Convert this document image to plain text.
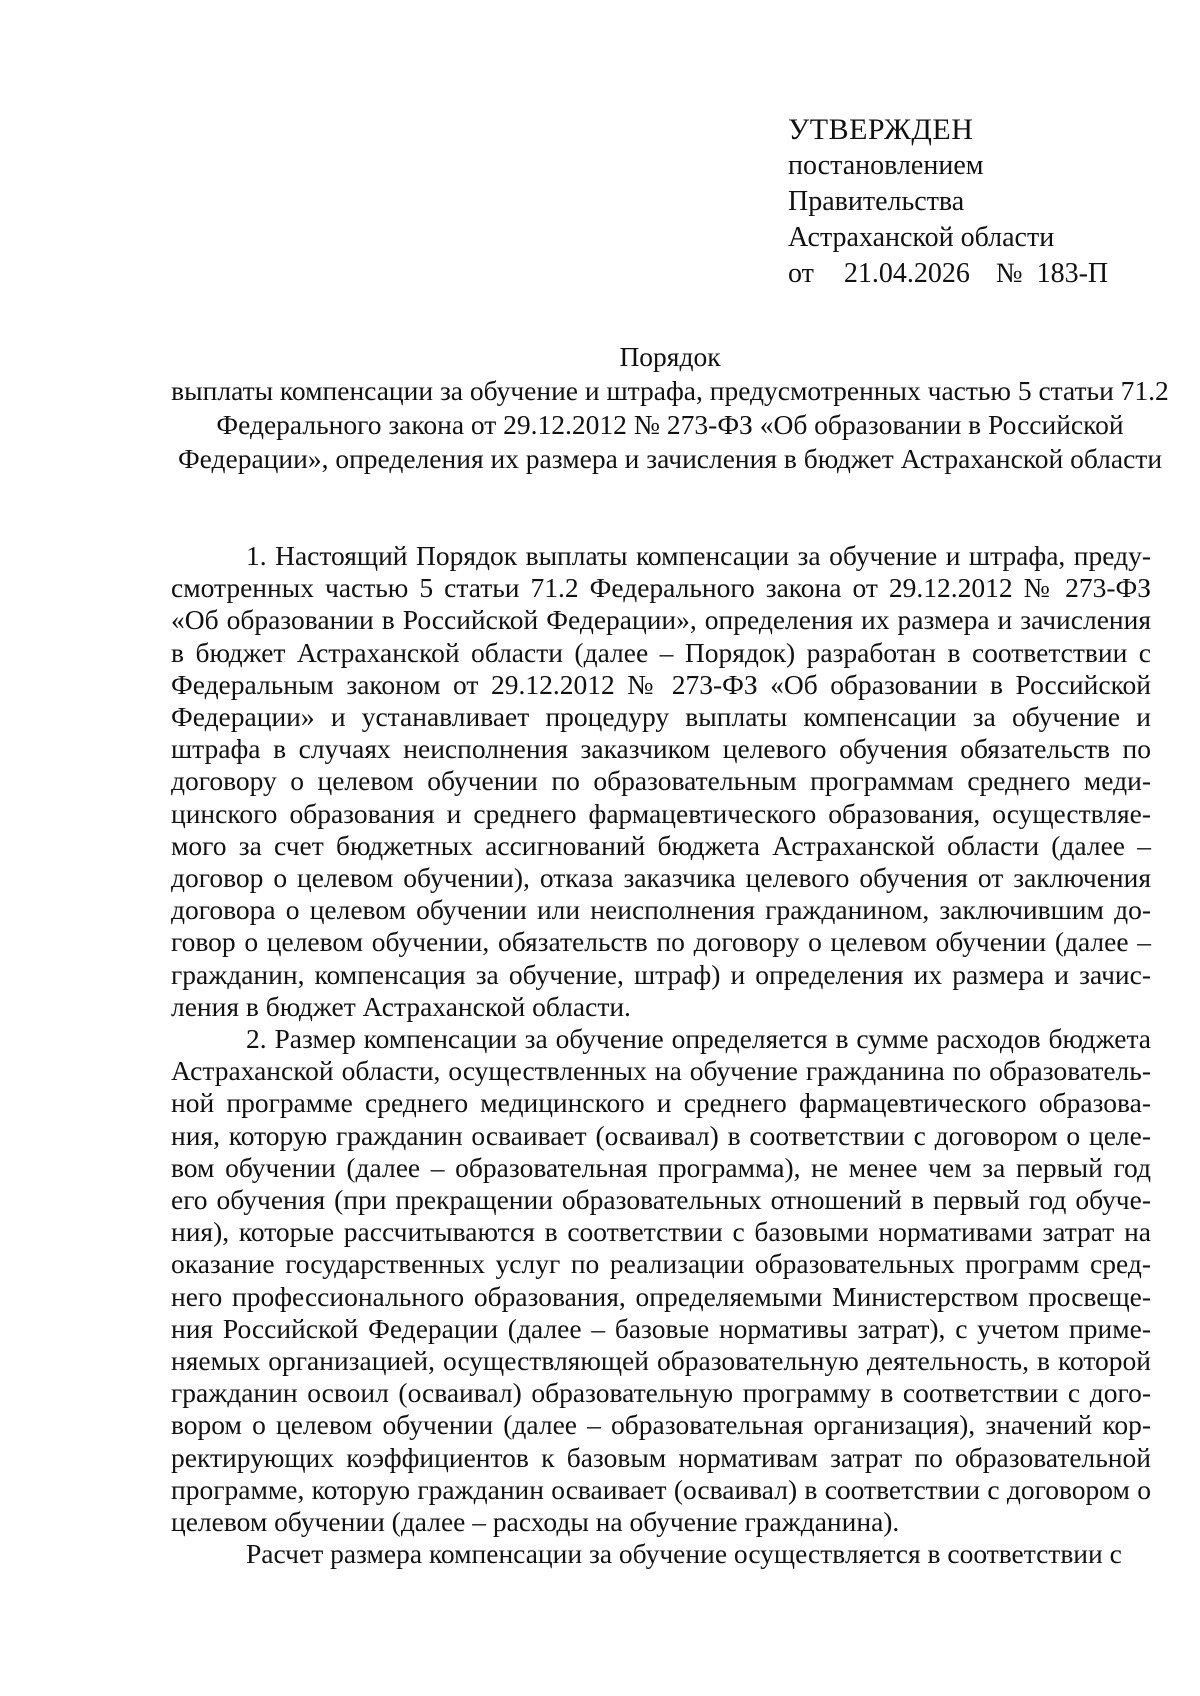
УТВЕРЖДЕН
постановлением
Правительства
Астраханской области
от 21.04.2026 № 183-П
Порядок
выплаты компенсации за обучение и штрафа, предусмотренных частью 5 статьи 71.2 Федерального закона от 29.12.2012 № 273-ФЗ «Об образовании в Российской Федерации», определения их размера и зачисления в бюджет Астраханской области

1. Настоящий Порядок выплаты компенсации за обучение и штрафа, предусмотренных частью 5 статьи 71.2 Федерального закона от 29.12.2012 № 273-ФЗ «Об образовании в Российской Федерации», определения их размера и зачисления в бюджет Астраханской области (далее – Порядок) разработан в соответствии с Федеральным законом от 29.12.2012 № 273-ФЗ «Об образовании в Российской Федерации» и устанавливает процедуру выплаты компенсации за обучение и штрафа в случаях неисполнения заказчиком целевого обучения обязательств по договору о целевом обучении по образовательным программам среднего медицинского образования и среднего фармацевтического образования, осуществляемого за счет бюджетных ассигнований бюджета Астраханской области (далее – договор о целевом обучении), отказа заказчика целевого обучения от заключения договора о целевом обучении или неисполнения гражданином, заключившим договор о целевом обучении, обязательств по договору о целевом обучении (далее – гражданин, компенсация за обучение, штраф) и определения их размера и зачисления в бюджет Астраханской области.

2. Размер компенсации за обучение определяется в сумме расходов бюджета Астраханской области, осуществленных на обучение гражданина по образовательной программе среднего медицинского и среднего фармацевтического образования, которую гражданин осваивает (осваивал) в соответствии с договором о целевом обучении (далее – образовательная программа), не менее чем за первый год его обучения (при прекращении образовательных отношений в первый год обучения), которые рассчитываются в соответствии с базовыми нормативами затрат на оказание государственных услуг по реализации образовательных программ среднего профессионального образования, определяемыми Министерством просвещения Российской Федерации (далее – базовые нормативы затрат), с учетом применяемых организацией, осуществляющей образовательную деятельность, в которой гражданин освоил (осваивал) образовательную программу в соответствии с договором о целевом обучении (далее – образовательная организация), значений корректирующих коэффициентов к базовым нормативам затрат по образовательной программе, которую гражданин осваивает (осваивал) в соответствии с договором о целевом обучении (далее – расходы на обучение гражданина).

Расчет размера компенсации за обучение осуществляется в соответствии с
